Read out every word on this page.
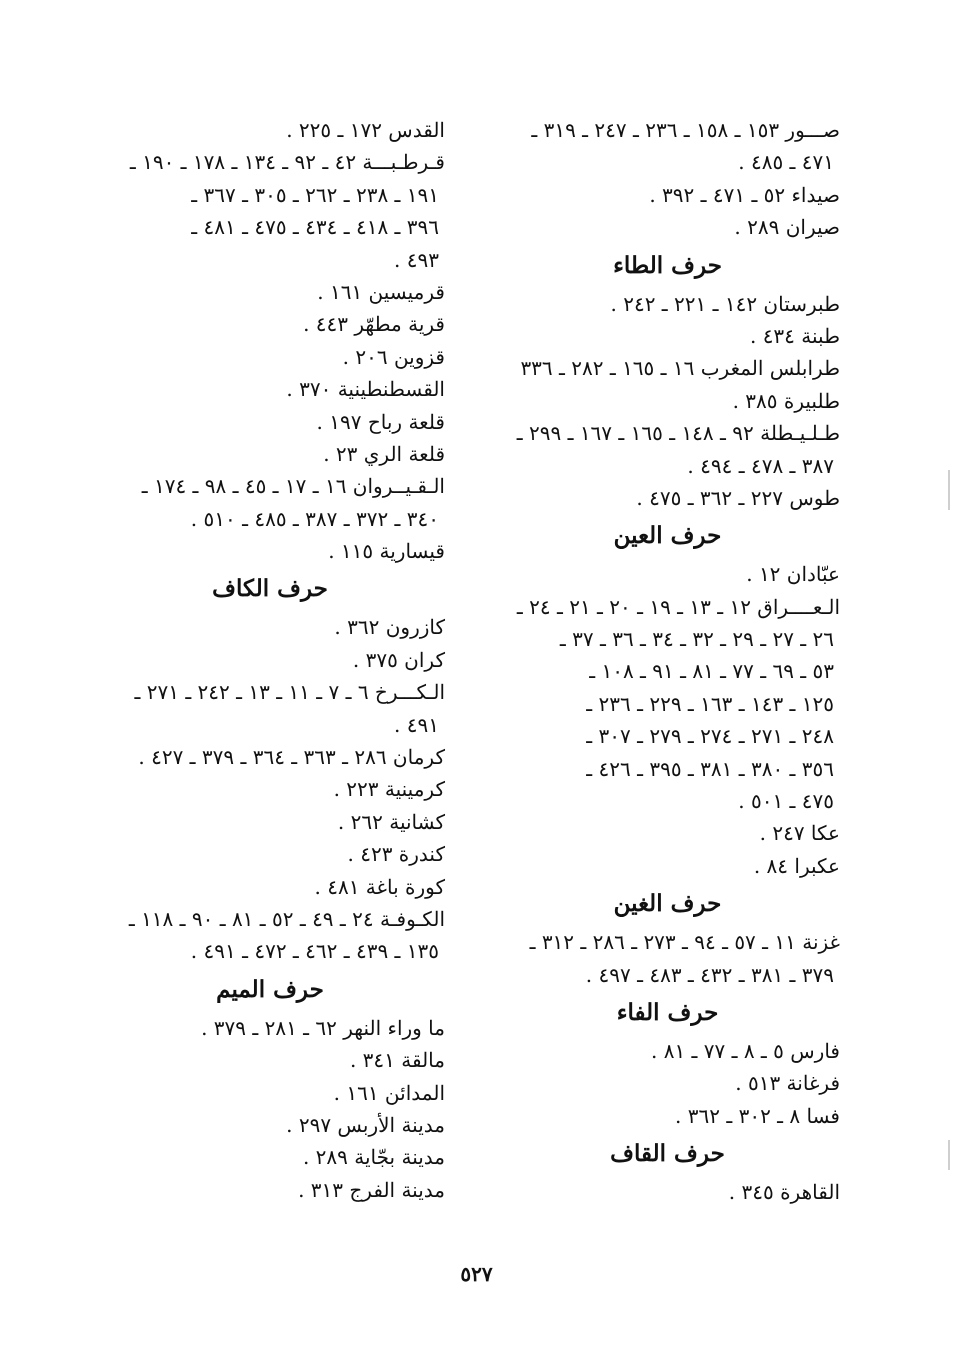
صـــور ١٥٣ ـ ١٥٨ ـ ٢٣٦ ـ ٢٤٧ ـ ٣١٩ ـ
٤٧١ ـ ٤٨٥ .
صيداء ٥٢ ـ ٤٧١ ـ ٣٩٢ .
صيران ٢٨٩ .
حرف الطاء
طبرستان ١٤٢ ـ ٢٢١ ـ ٢٤٢ .
طبنة ٤٣٤ .
طرابلس المغرب ١٦ ـ ١٦٥ ـ ٢٨٢ ـ ٣٣٦
طلبيرة ٣٨٥ .
طـلـيـطلة ٩٢ ـ ١٤٨ ـ ١٦٥ ـ ١٦٧ ـ ٢٩٩ ـ
٣٨٧ ـ ٤٧٨ ـ ٤٩٤ .
طوس ٢٢٧ ـ ٣٦٢ ـ ٤٧٥ .
حرف العين
عبّادان ١٢ .
الـعــــراق ١٢ ـ ١٣ ـ ١٩ ـ ٢٠ ـ ٢١ ـ ٢٤ ـ
٢٦ ـ ٢٧ ـ ٢٩ ـ ٣٢ ـ ٣٤ ـ ٣٦ ـ ٣٧ ـ
٥٣ ـ ٦٩ ـ ٧٧ ـ ٨١ ـ ٩١ ـ ١٠٨ ـ
١٢٥ ـ ١٤٣ ـ ١٦٣ ـ ٢٢٩ ـ ٢٣٦ ـ
٢٤٨ ـ ٢٧١ ـ ٢٧٤ ـ ٢٧٩ ـ ٣٠٧ ـ
٣٥٦ ـ ٣٨٠ ـ ٣٨١ ـ ٣٩٥ ـ ٤٢٦ ـ
٤٧٥ ـ ٥٠١ .
عكا ٢٤٧ .
عكبرا ٨٤ .
حرف الغين
غزنة ١١ ـ ٥٧ ـ ٩٤ ـ ٢٧٣ ـ ٢٨٦ ـ ٣١٢ ـ
٣٧٩ ـ ٣٨١ ـ ٤٣٢ ـ ٤٨٣ ـ ٤٩٧ .
حرف الفاء
فارس ٥ ـ ٨ ـ ٧٧ ـ ٨١ .
فرغانة ٥١٣ .
فسا ٨ ـ ٣٠٢ ـ ٣٦٢ .
حرف القاف
القاهرة ٣٤٥ .
القدس ١٧٢ ـ ٢٢٥ .
قـرطـبـــة ٤٢ ـ ٩٢ ـ ١٣٤ ـ ١٧٨ ـ ١٩٠ ـ
١٩١ ـ ٢٣٨ ـ ٢٦٢ ـ ٣٠٥ ـ ٣٦٧ ـ
٣٩٦ ـ ٤١٨ ـ ٤٣٤ ـ ٤٧٥ ـ ٤٨١ ـ
٤٩٣ .
قرميسين ١٦١ .
قرية مطهّر ٤٤٣ .
قزوين ٢٠٦ .
القسطنطينية ٣٧٠ .
قلعة رباح ١٩٧ .
قلعة الري ٢٣ .
الـقـيــروان ١٦ ـ ١٧ ـ ٤٥ ـ ٩٨ ـ ١٧٤ ـ
٣٤٠ ـ ٣٧٢ ـ ٣٨٧ ـ ٤٨٥ ـ ٥١٠ .
قيسارية ١١٥ .
حرف الكاف
كازرون ٣٦٢ .
كران ٣٧٥ .
الـكـــرخ ٦ ـ ٧ ـ ١١ ـ ١٣ ـ ٢٤٢ ـ ٢٧١ ـ
٤٩١ .
كرمان ٢٨٦ ـ ٣٦٣ ـ ٣٦٤ ـ ٣٧٩ ـ ٤٢٧ .
كرمينية ٢٢٣ .
كشانية ٢٦٢ .
كندرة ٤٢٣ .
كورة باغة ٤٨١ .
الكـوفـة ٢٤ ـ ٤٩ ـ ٥٢ ـ ٨١ ـ ٩٠ ـ ١١٨ ـ
١٣٥ ـ ٤٣٩ ـ ٤٦٢ ـ ٤٧٢ ـ ٤٩١ .
حرف الميم
ما وراء النهر ٦٢ ـ ٢٨١ ـ ٣٧٩ .
مالقة ٣٤١ .
المدائن ١٦١ .
مدينة الأربس ٢٩٧ .
مدينة بجّاية ٢٨٩ .
مدينة الفرج ٣١٣ .
٥٢٧
